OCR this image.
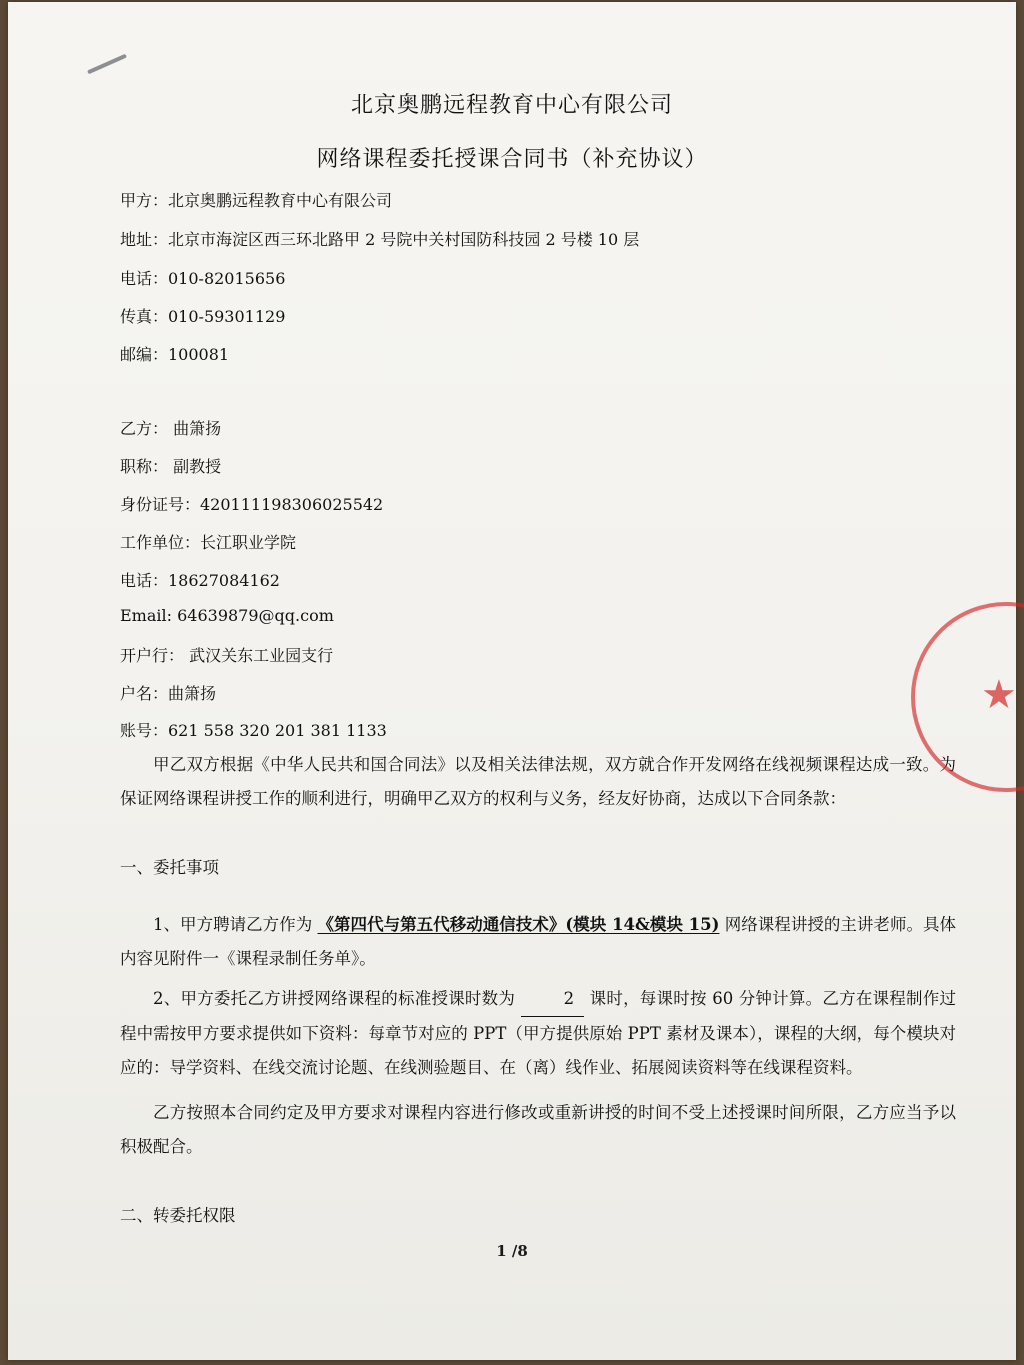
北京奥鹏远程教育中心有限公司
网络课程委托授课合同书（补充协议）
甲方：北京奥鹏远程教育中心有限公司
地址：北京市海淀区西三环北路甲 2 号院中关村国防科技园 2 号楼 10 层
电话：010-82015656
传真：010-59301129
邮编：100081
乙方： 曲箫扬
职称： 副教授
身份证号：420111198306025542
工作单位：长江职业学院
电话：18627084162
Email: 64639879@qq.com
开户行： 武汉关东工业园支行
户名：曲箫扬
账号：621 558 320 201 381 1133
甲乙双方根据《中华人民共和国合同法》以及相关法律法规，双方就合作开发网络在线视频课程达成一致。为保证网络课程讲授工作的顺利进行，明确甲乙双方的权利与义务，经友好协商，达成以下合同条款：
一、委托事项
1、甲方聘请乙方作为 《第四代与第五代移动通信技术》(模块 14&模块 15) 网络课程讲授的主讲老师。具体内容见附件一《课程录制任务单》。
2、甲方委托乙方讲授网络课程的标准授课时数为	2 课时，每课时按 60 分钟计算。乙方在课程制作过程中需按甲方要求提供如下资料：每章节对应的 PPT（甲方提供原始 PPT 素材及课本），课程的大纲，每个模块对应的：导学资料、在线交流讨论题、在线测验题目、在（离）线作业、拓展阅读资料等在线课程资料。
乙方按照本合同约定及甲方要求对课程内容进行修改或重新讲授的时间不受上述授课时间所限，乙方应当予以积极配合。
二、转委托权限
1 /8
★
